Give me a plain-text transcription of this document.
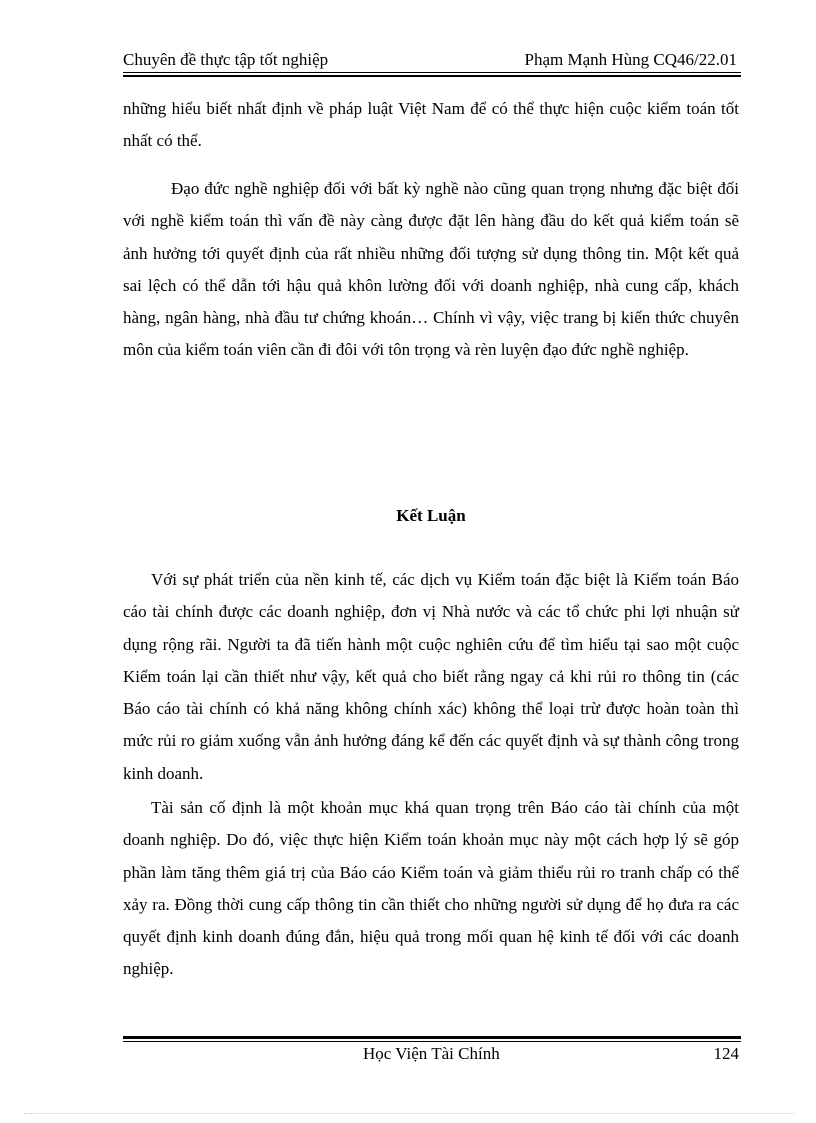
Chuyên đề thực tập tốt nghiệp	Phạm Mạnh Hùng CQ46/22.01

những hiểu biết nhất định về pháp luật Việt Nam để có thể thực hiện cuộc kiểm toán tốt nhất có thể.

Đạo đức nghề nghiệp đối với bất kỳ nghề nào cũng quan trọng nhưng đặc biệt đối với nghề kiểm toán thì vấn đề này càng được đặt lên hàng đầu do kết quả kiểm toán sẽ ảnh hưởng tới quyết định của rất nhiều những đối tượng sử dụng thông tin. Một kết quả sai lệch có thể dẫn tới hậu quả khôn lường đối với doanh nghiệp, nhà cung cấp, khách hàng, ngân hàng, nhà đầu tư chứng khoán… Chính vì vậy, việc trang bị kiến thức chuyên môn của kiểm toán viên cần đi đôi với tôn trọng và rèn luyện đạo đức nghề nghiệp.

Kết Luận

Với sự phát triển của nền kinh tế, các dịch vụ Kiểm toán đặc biệt là Kiểm toán Báo cáo tài chính được các doanh nghiệp, đơn vị Nhà nước và các tổ chức phi lợi nhuận sử dụng rộng rãi. Người ta đã tiến hành một cuộc nghiên cứu để tìm hiểu tại sao một cuộc Kiểm toán lại cần thiết như vậy, kết quả cho biết rằng ngay cả khi rủi ro thông tin (các Báo cáo tài chính có khả năng không chính xác) không thể loại trừ được hoàn toàn thì mức rủi ro giảm xuống vẫn ảnh hưởng đáng kể đến các quyết định và sự thành công trong kinh doanh.

Tài sản cố định là một khoản mục khá quan trọng trên Báo cáo tài chính của một doanh nghiệp. Do đó, việc thực hiện Kiểm toán khoản mục này một cách hợp lý sẽ góp phần làm tăng thêm giá trị của Báo cáo Kiểm toán và giảm thiểu rủi ro tranh chấp có thể xảy ra. Đồng thời cung cấp thông tin cần thiết cho những người sử dụng để họ đưa ra các quyết định kinh doanh đúng đắn, hiệu quả trong mối quan hệ kinh tế đối với các doanh nghiệp.

Học Viện Tài Chính	124
